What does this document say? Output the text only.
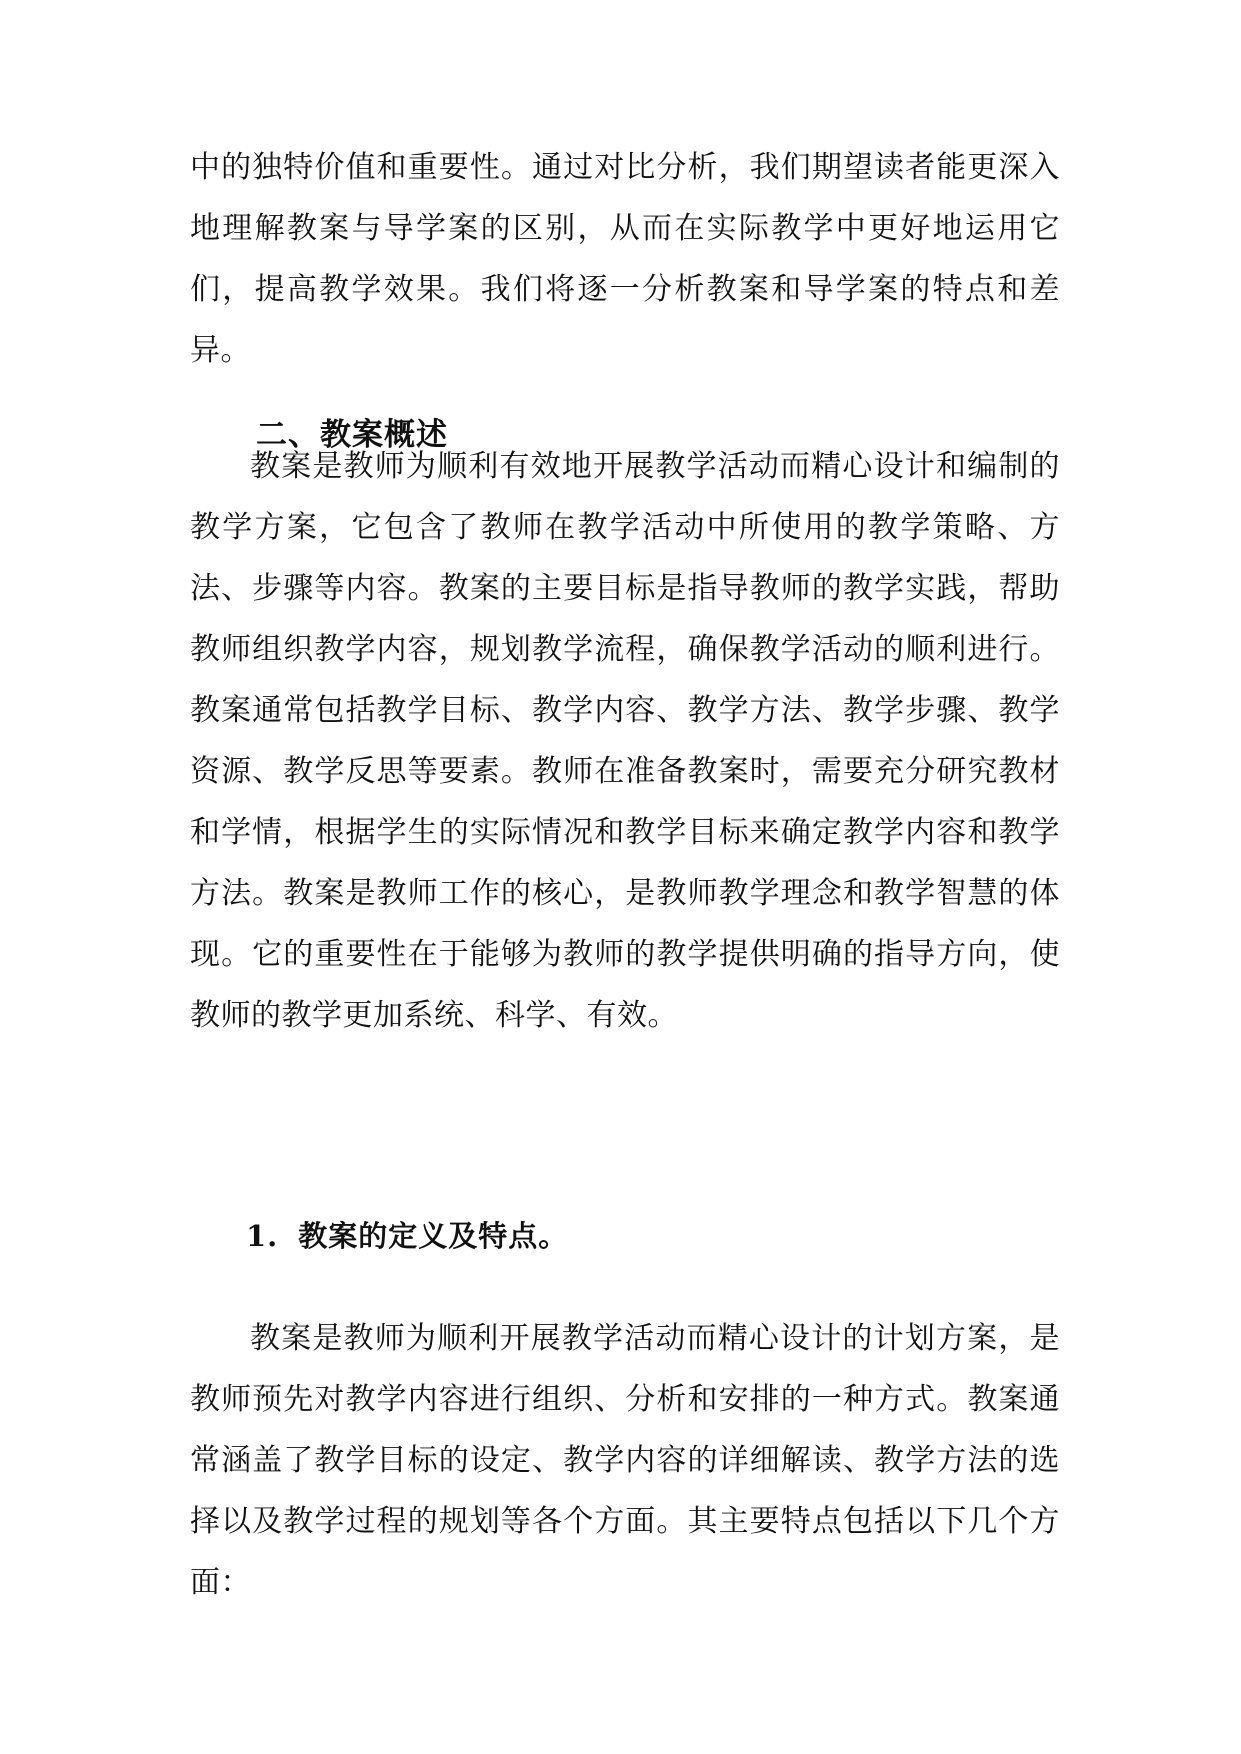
中的独特价值和重要性。通过对比分析，我们期望读者能更深入地理解教案与导学案的区别，从而在实际教学中更好地运用它们，提高教学效果。我们将逐一分析教案和导学案的特点和差异。

二、教案概述

教案是教师为顺利有效地开展教学活动而精心设计和编制的教学方案，它包含了教师在教学活动中所使用的教学策略、方法、步骤等内容。教案的主要目标是指导教师的教学实践，帮助教师组织教学内容，规划教学流程，确保教学活动的顺利进行。教案通常包括教学目标、教学内容、教学方法、教学步骤、教学资源、教学反思等要素。教师在准备教案时，需要充分研究教材和学情，根据学生的实际情况和教学目标来确定教学内容和教学方法。教案是教师工作的核心，是教师教学理念和教学智慧的体现。它的重要性在于能够为教师的教学提供明确的指导方向，使教师的教学更加系统、科学、有效。

1. 教案的定义及特点。

教案是教师为顺利开展教学活动而精心设计的计划方案，是教师预先对教学内容进行组织、分析和安排的一种方式。教案通常涵盖了教学目标的设定、教学内容的详细解读、教学方法的选择以及教学过程的规划等各个方面。其主要特点包括以下几个方面：
